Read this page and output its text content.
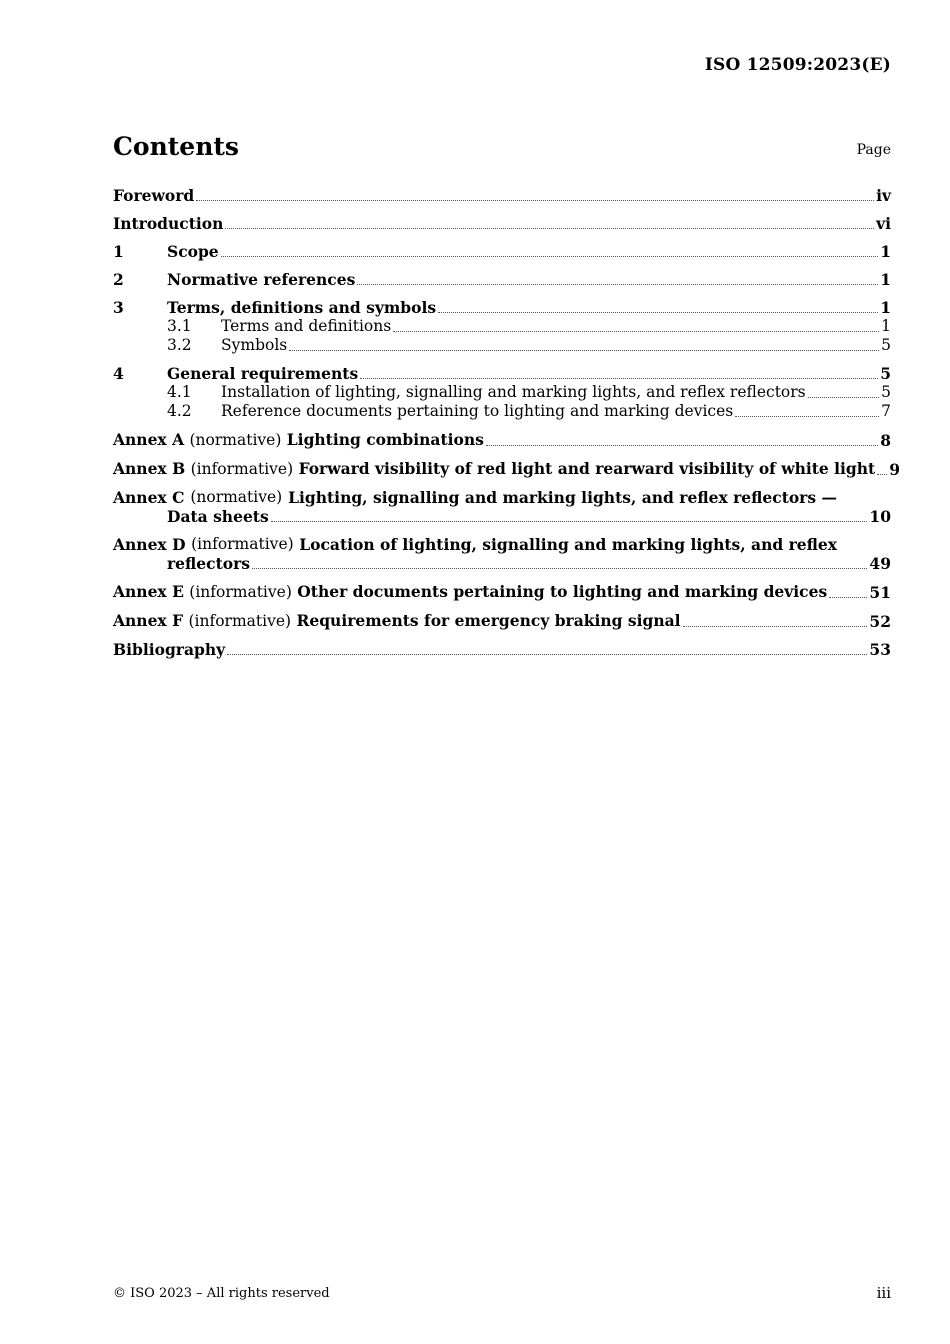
ISO 12509:2023(E)
Contents	Page
Foreword	iv
Introduction	vi
1	Scope	1
2	Normative references	1
3	Terms, definitions and symbols	1
3.1	Terms and definitions	1
3.2	Symbols	5
4	General requirements	5
4.1	Installation of lighting, signalling and marking lights, and reflex reflectors	5
4.2	Reference documents pertaining to lighting and marking devices	7
Annex A (normative) Lighting combinations	8
Annex B (informative) Forward visibility of red light and rearward visibility of white light 9
Annex C (normative) Lighting, signalling and marking lights, and reflex reflectors —
Data sheets	10
Annex D (informative) Location of lighting, signalling and marking lights, and reflex
reflectors	49
Annex E (informative) Other documents pertaining to lighting and marking devices	51
Annex F (informative) Requirements for emergency braking signal	52
Bibliography	53
© ISO 2023 – All rights reserved	iii
